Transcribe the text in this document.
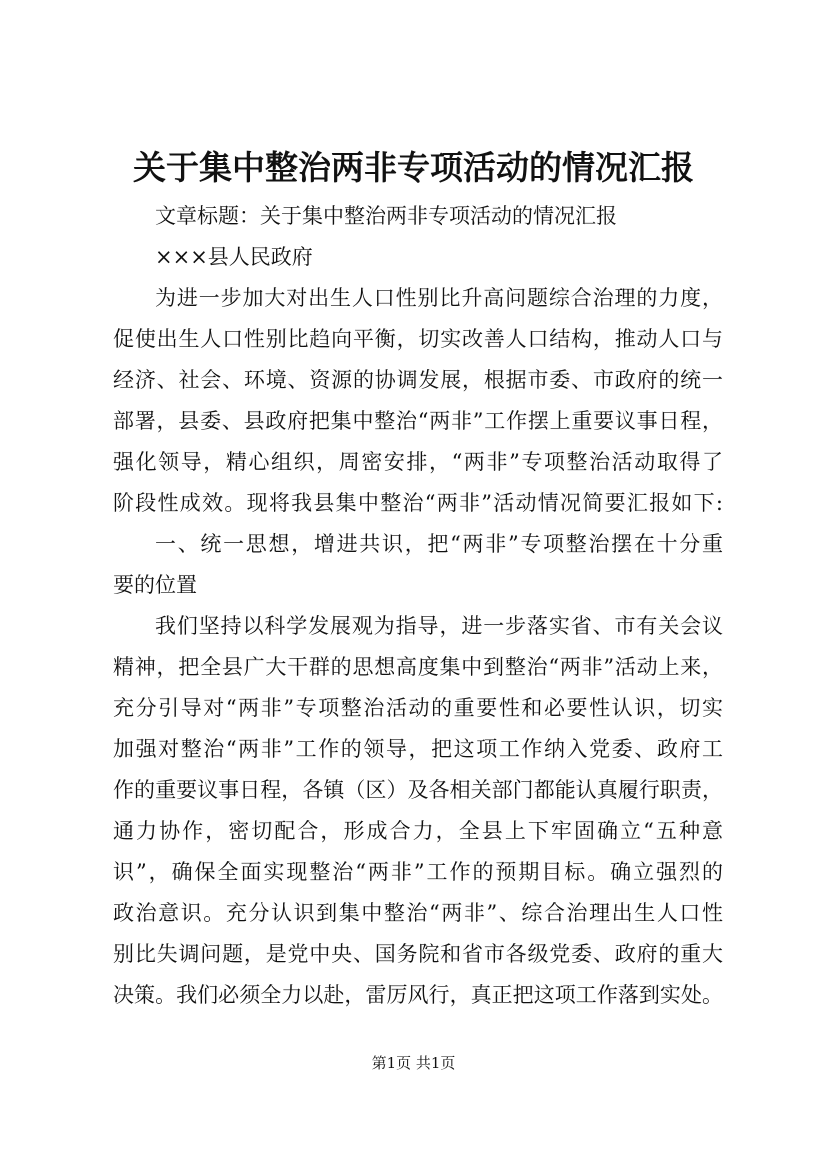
关于集中整治两非专项活动的情况汇报
文章标题：关于集中整治两非专项活动的情况汇报
×××县人民政府
为进一步加大对出生人口性别比升高问题综合治理的力度，
促使出生人口性别比趋向平衡，切实改善人口结构，推动人口与
经济、社会、环境、资源的协调发展，根据市委、市政府的统一
部署，县委、县政府把集中整治“两非”工作摆上重要议事日程，
强化领导，精心组织，周密安排，“两非”专项整治活动取得了
阶段性成效。现将我县集中整治“两非”活动情况简要汇报如下:
一、统一思想，增进共识，把“两非”专项整治摆在十分重
要的位置
我们坚持以科学发展观为指导，进一步落实省、市有关会议
精神，把全县广大干群的思想高度集中到整治“两非”活动上来，
充分引导对“两非”专项整治活动的重要性和必要性认识，切实
加强对整治“两非”工作的领导，把这项工作纳入党委、政府工
作的重要议事日程，各镇（区）及各相关部门都能认真履行职责，
通力协作，密切配合，形成合力，全县上下牢固确立“五种意
识”，确保全面实现整治“两非”工作的预期目标。确立强烈的
政治意识。充分认识到集中整治“两非”、综合治理出生人口性
别比失调问题，是党中央、国务院和省市各级党委、政府的重大
决策。我们必须全力以赴，雷厉风行，真正把这项工作落到实处。
第1页 共1页
